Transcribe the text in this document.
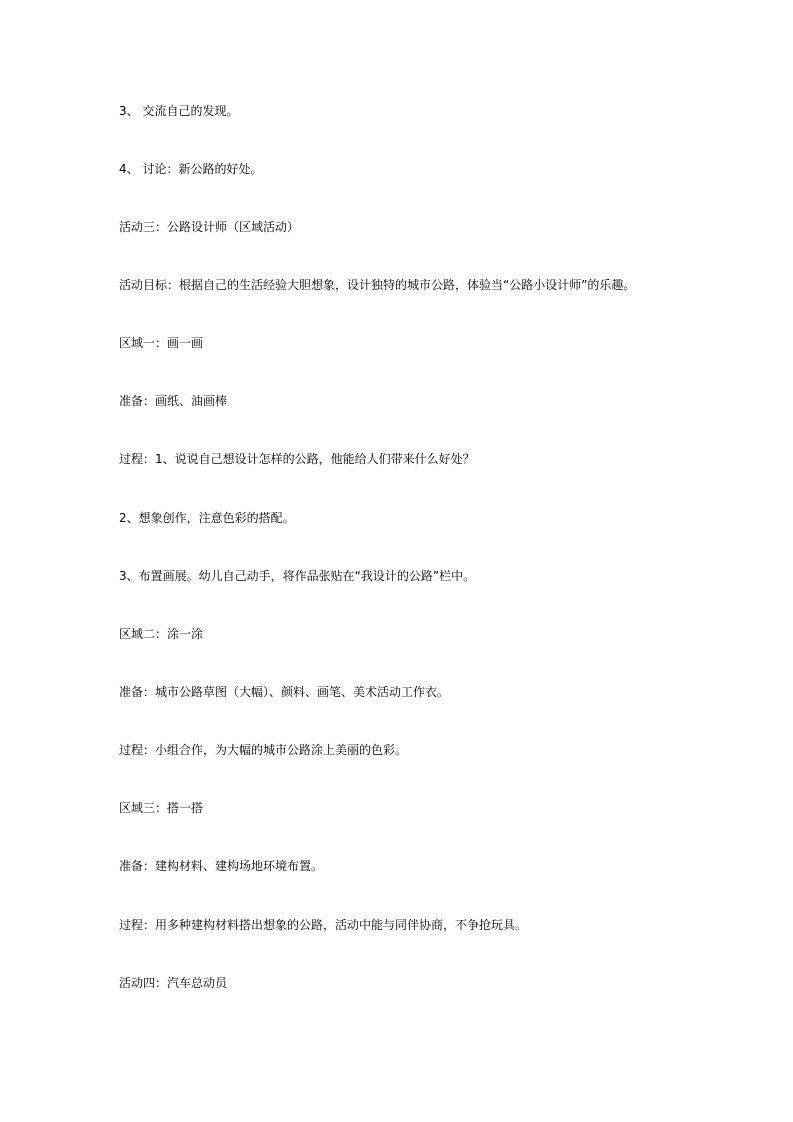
3、 交流自己的发现。

4、 讨论：新公路的好处。

活动三：公路设计师（区域活动）

活动目标：根据自己的生活经验大胆想象，设计独特的城市公路，体验当“公路小设计师”的乐趣。

区域一：画一画

准备：画纸、油画棒

过程：1、说说自己想设计怎样的公路，他能给人们带来什么好处？

2、想象创作，注意色彩的搭配。

3、布置画展。幼儿自己动手，将作品张贴在“我设计的公路”栏中。

区域二：涂一涂

准备：城市公路草图（大幅）、颜料、画笔、美术活动工作衣。

过程：小组合作，为大幅的城市公路涂上美丽的色彩。

区域三：搭一搭

准备：建构材料、建构场地环境布置。

过程：用多种建构材料搭出想象的公路，活动中能与同伴协商，不争抢玩具。

活动四：汽车总动员
